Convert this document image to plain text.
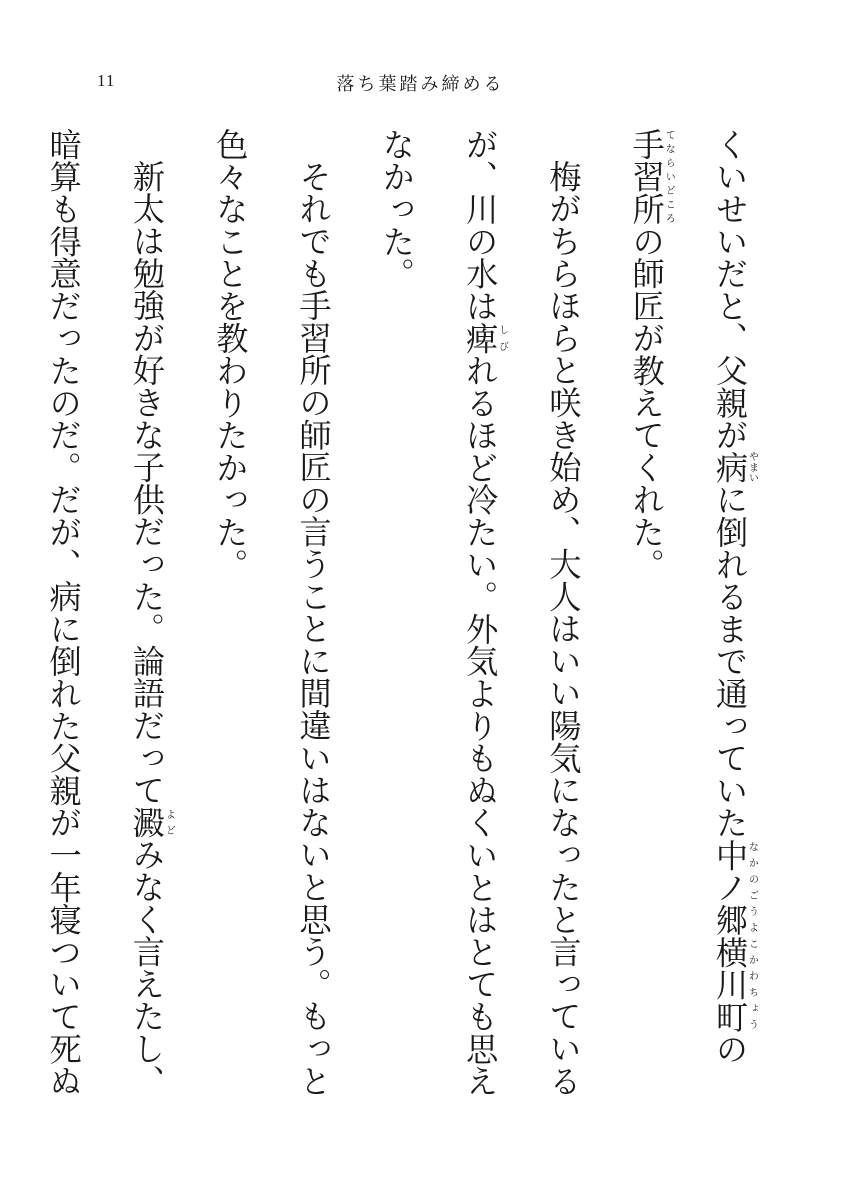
11	落ち葉踏み締める

くいせいだと、父親が病やまいに倒れるまで通っていた中ノ郷横川町なかのごうよこかわちょうの手習所てならいどころの師匠が教えてくれた。

梅がちらほらと咲き始め、大人はいい陽気になったと言っているが、川の水は痺しびれるほど冷たい。外気よりもぬくいとはとても思えなかった。

それでも手習所の師匠の言うことに間違いはないと思う。もっと色々なことを教わりたかった。

新太は勉強が好きな子供だった。論語だって澱よどみなく言えたし、暗算も得意だったのだ。だが、病に倒れた父親が一年寝ついて死ぬ
